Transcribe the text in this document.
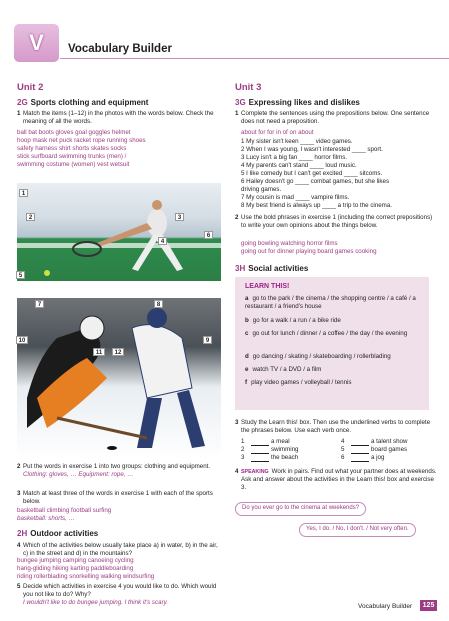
V Vocabulary Builder
Unit 2
2G Sports clothing and equipment
1 Match the items (1–12) in the photos with the words below. Check the meaning of all the words.
ball bat boots gloves goal goggles helmet
hoop mask net puck racket rope running shoes
safety harness shirt shorts skates socks
stick surfboard swimming trunks (men) /
swimming costume (women) vest wetsuit
1
2	3
4
5
6
7	8
9
10
11	12
2 Put the words in exercise 1 into two groups: clothing and equipment.
Clothing: gloves, … Equipment: rope, …
3 Match at least three of the words in exercise 1 with each of the sports below.
basketball climbing football surfing
basketball: shorts, …
2H Outdoor activities
4 Which of the activities below usually take place a) in water, b) in the air, c) in the street and d) in the mountains?
bungee jumping camping canoeing cycling
hang-gliding hiking karting paddleboarding
riding rollerblading snorkelling walking windsurfing
5 Decide which activities in exercise 4 you would like to do. Which would you not like to do? Why?
I wouldn't like to do bungee jumping. I think it's scary.
Unit 3
3G Expressing likes and dislikes
1 Complete the sentences using the prepositions below. One sentence does not need a preposition.
about for for in of on about
1 My sister isn't keen ____ video games.
2 When I was young, I wasn't interested ____ sport.
3 Lucy isn't a big fan ____ horror films.
4 My parents can't stand ____ loud music.
5 I like comedy but I can't get excited ____ sitcoms.
6 Hailey doesn't go ____ combat games, but she likes
driving games.
7 My cousin is mad ____ vampire films.
8 My best friend is always up ____ a trip to the cinema.
2 Use the bold phrases in exercise 1 (including the correct prepositions) to write your own opinions about the things below.
going bowling watching horror films
going out for dinner playing board games cooking
3H Social activities
LEARN THIS!
a go to the park / the cinema / the shopping centre / a café / a restaurant / a friend's house
b go for a walk / a run / a bike ride
c go out for lunch / dinner / a coffee / the day / the evening
d go dancing / skating / skateboarding / rollerblading
e watch TV / a DVD / a film
f play video games / volleyball / tennis
3 Study the Learn this! box. Then use the underlined verbs to complete the phrases below. Use each verb once.
1	a meal	4	a talent show
2	swimming	5	board games
3	the beach	6	a jog
4 SPEAKING Work in pairs. Find out what your partner does at weekends. Ask and answer about the activities in the Learn this! box and exercise 3.
Do you ever go to the cinema at weekends?
Yes, I do. / No, I don't. / Not very often.
Vocabulary Builder	125
